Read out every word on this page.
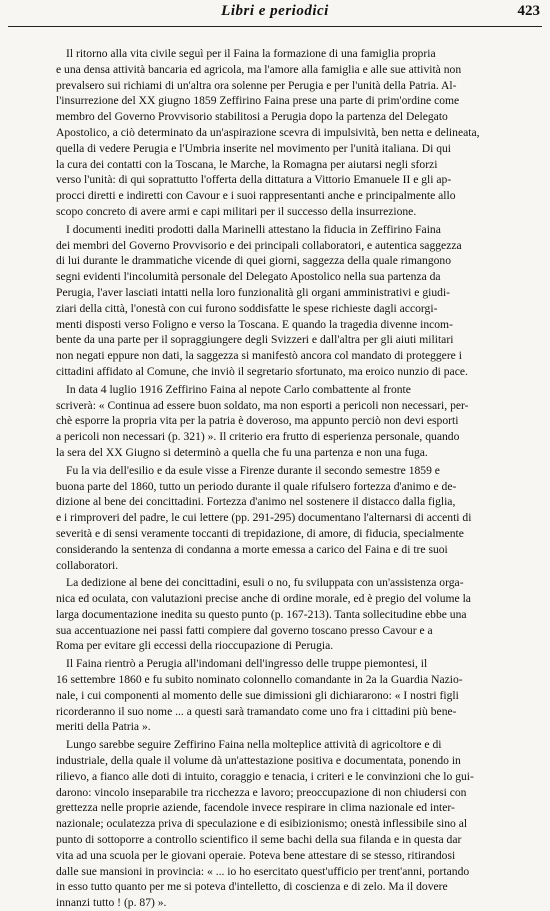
Libri e periodici	423
Il ritorno alla vita civile seguì per il Faina la formazione di una famiglia propria
e una densa attività bancaria ed agricola, ma l'amore alla famiglia e alle sue attività non
prevalsero sui richiami di un'altra ora solenne per Perugia e per l'unità della Patria. Al-
l'insurrezione del XX giugno 1859 Zeffirino Faina prese una parte di prim'ordine come
membro del Governo Provvisorio stabilitosi a Perugia dopo la partenza del Delegato
Apostolico, a ciò determinato da un'aspirazione scevra di impulsività, ben netta e delineata,
quella di vedere Perugia e l'Umbria inserite nel movimento per l'unità italiana. Di qui
la cura dei contatti con la Toscana, le Marche, la Romagna per aiutarsi negli sforzi
verso l'unità: di qui soprattutto l'offerta della dittatura a Vittorio Emanuele II e gli ap-
procci diretti e indiretti con Cavour e i suoi rappresentanti anche e principalmente allo
scopo concreto di avere armi e capi militari per il successo della insurrezione.
I documenti inediti prodotti dalla Marinelli attestano la fiducia in Zeffirino Faina
dei membri del Governo Provvisorio e dei principali collaboratori, e autentica saggezza
di lui durante le drammatiche vicende di quei giorni, saggezza della quale rimangono
segni evidenti l'incolumità personale del Delegato Apostolico nella sua partenza da
Perugia, l'aver lasciati intatti nella loro funzionalità gli organi amministrativi e giudi-
ziari della città, l'onestà con cui furono soddisfatte le spese richieste dagli accorgi-
menti disposti verso Foligno e verso la Toscana. E quando la tragedia divenne incom-
bente da una parte per il sopraggiungere degli Svizzeri e dall'altra per gli aiuti militari
non negati eppure non dati, la saggezza si manifestò ancora col mandato di proteggere i
cittadini affidato al Comune, che inviò il segretario sfortunato, ma eroico nunzio di pace.
In data 4 luglio 1916 Zeffirino Faina al nepote Carlo combattente al fronte
scriverà: « Continua ad essere buon soldato, ma non esporti a pericoli non necessari, per-
chè esporre la propria vita per la patria è doveroso, ma appunto perciò non devi esporti
a pericoli non necessari (p. 321) ». Il criterio era frutto di esperienza personale, quando
la sera del XX Giugno si determinò a quella che fu una partenza e non una fuga.
Fu la via dell'esilio e da esule visse a Firenze durante il secondo semestre 1859 e
buona parte del 1860, tutto un periodo durante il quale rifulsero fortezza d'animo e de-
dizione al bene dei concittadini. Fortezza d'animo nel sostenere il distacco dalla figlia,
e i rimproveri del padre, le cui lettere (pp. 291-295) documentano l'alternarsi di accenti di
severità e di sensi veramente toccanti di trepidazione, di amore, di fiducia, specialmente
considerando la sentenza di condanna a morte emessa a carico del Faina e di tre suoi
collaboratori.
La dedizione al bene dei concittadini, esuli o no, fu sviluppata con un'assistenza orga-
nica ed oculata, con valutazioni precise anche di ordine morale, ed è pregio del volume la
larga documentazione inedita su questo punto (p. 167-213). Tanta sollecitudine ebbe una
sua accentuazione nei passi fatti compiere dal governo toscano presso Cavour e a
Roma per evitare gli eccessi della rioccupazione di Perugia.
Il Faina rientrò a Perugia all'indomani dell'ingresso delle truppe piemontesi, il
16 settembre 1860 e fu subito nominato colonnello comandante in 2a la Guardia Nazio-
nale, i cui componenti al momento delle sue dimissioni gli dichiararono: « I nostri figli
ricorderanno il suo nome ... a questi sarà tramandato come uno fra i cittadini più bene-
meriti della Patria ».
Lungo sarebbe seguire Zeffirino Faina nella molteplice attività di agricoltore e di
industriale, della quale il volume dà un'attestazione positiva e documentata, ponendo in
rilievo, a fianco alle doti di intuito, coraggio e tenacia, i criteri e le convinzioni che lo gui-
darono: vincolo inseparabile tra ricchezza e lavoro; preoccupazione di non chiudersi con
grettezza nelle proprie aziende, facendole invece respirare in clima nazionale ed inter-
nazionale; oculatezza priva di speculazione e di esibizionismo; onestà inflessibile sino al
punto di sottoporre a controllo scientifico il seme bachi della sua filanda e in questa dar
vita ad una scuola per le giovani operaie. Poteva bene attestare di se stesso, ritirandosi
dalle sue mansioni in provincia: « ... io ho esercitato quest'ufficio per trent'anni, portando
in esso tutto quanto per me si poteva d'intelletto, di coscienza e di zelo. Ma il dovere
innanzi tutto ! (p. 87) ».
